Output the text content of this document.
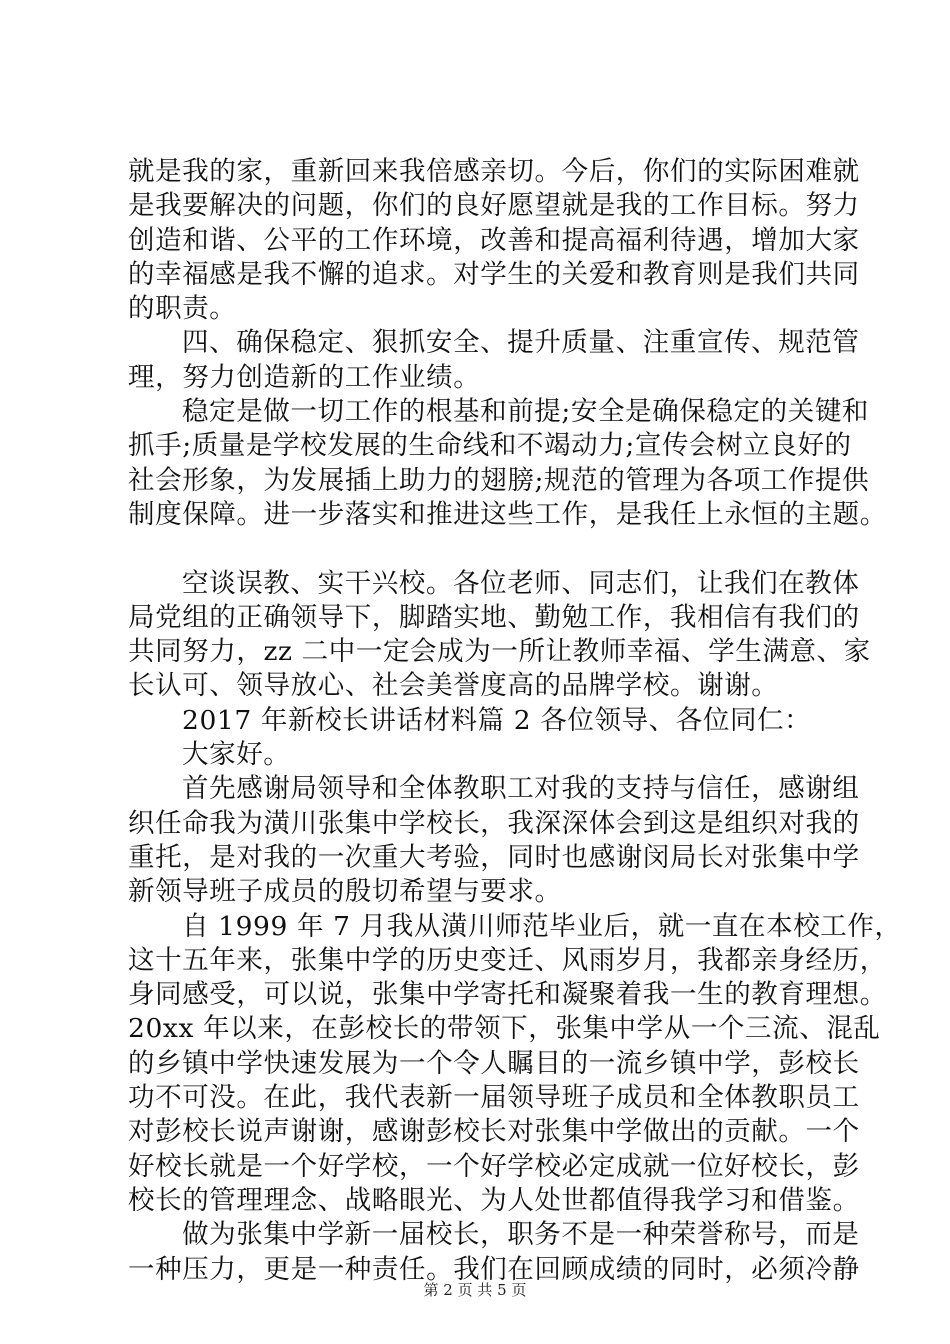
就是我的家，重新回来我倍感亲切。今后，你们的实际困难就
是我要解决的问题，你们的良好愿望就是我的工作目标。努力
创造和谐、公平的工作环境，改善和提高福利待遇，增加大家
的幸福感是我不懈的追求。对学生的关爱和教育则是我们共同
的职责。
四、确保稳定、狠抓安全、提升质量、注重宣传、规范管
理，努力创造新的工作业绩。
稳定是做一切工作的根基和前提;安全是确保稳定的关键和
抓手;质量是学校发展的生命线和不竭动力;宣传会树立良好的
社会形象，为发展插上助力的翅膀;规范的管理为各项工作提供
制度保障。进一步落实和推进这些工作，是我任上永恒的主题。
空谈误教、实干兴校。各位老师、同志们，让我们在教体
局党组的正确领导下，脚踏实地、勤勉工作，我相信有我们的
共同努力，zz 二中一定会成为一所让教师幸福、学生满意、家
长认可、领导放心、社会美誉度高的品牌学校。谢谢。
2017 年新校长讲话材料篇 2 各位领导、各位同仁：
大家好。
首先感谢局领导和全体教职工对我的支持与信任，感谢组
织任命我为潢川张集中学校长，我深深体会到这是组织对我的
重托，是对我的一次重大考验，同时也感谢闵局长对张集中学
新领导班子成员的殷切希望与要求。
自 1999 年 7 月我从潢川师范毕业后，就一直在本校工作，
这十五年来，张集中学的历史变迁、风雨岁月，我都亲身经历，
身同感受，可以说，张集中学寄托和凝聚着我一生的教育理想。
20xx 年以来，在彭校长的带领下，张集中学从一个三流、混乱
的乡镇中学快速发展为一个令人瞩目的一流乡镇中学，彭校长
功不可没。在此，我代表新一届领导班子成员和全体教职员工
对彭校长说声谢谢，感谢彭校长对张集中学做出的贡献。一个
好校长就是一个好学校，一个好学校必定成就一位好校长，彭
校长的管理理念、战略眼光、为人处世都值得我学习和借鉴。
做为张集中学新一届校长，职务不是一种荣誉称号，而是
一种压力，更是一种责任。我们在回顾成绩的同时，必须冷静
第 2 页 共 5 页
